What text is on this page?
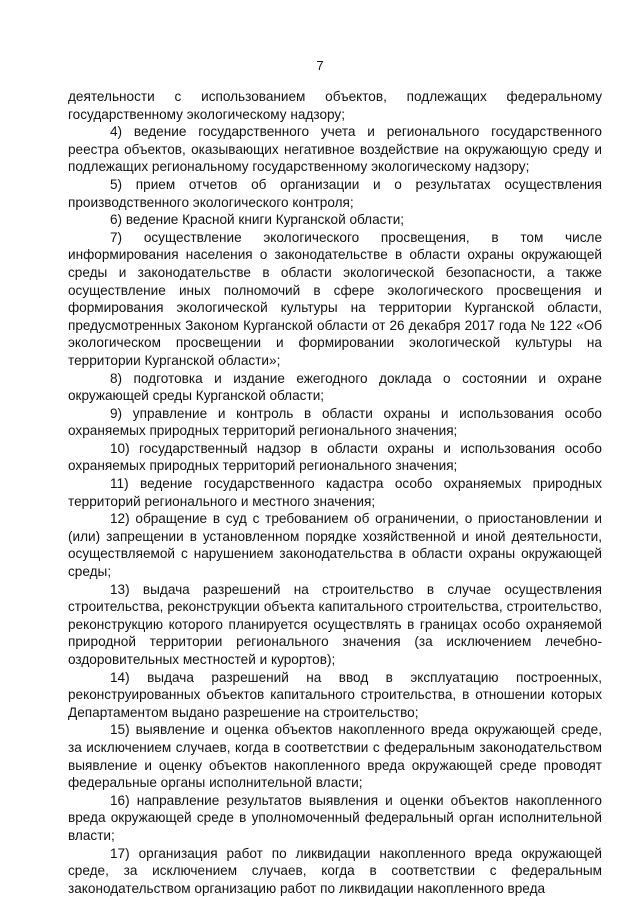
7

деятельности с использованием объектов, подлежащих федеральному государственному экологическому надзору;

4) ведение государственного учета и регионального государственного реестра объектов, оказывающих негативное воздействие на окружающую среду и подлежащих региональному государственному экологическому надзору;

5) прием отчетов об организации и о результатах осуществления производственного экологического контроля;

6) ведение Красной книги Курганской области;

7) осуществление экологического просвещения, в том числе информирования населения о законодательстве в области охраны окружающей среды и законодательстве в области экологической безопасности, а также осуществление иных полномочий в сфере экологического просвещения и формирования экологической культуры на территории Курганской области, предусмотренных Законом Курганской области от 26 декабря 2017 года № 122 «Об экологическом просвещении и формировании экологической культуры на территории Курганской области»;

8) подготовка и издание ежегодного доклада о состоянии и охране окружающей среды Курганской области;

9) управление и контроль в области охраны и использования особо охраняемых природных территорий регионального значения;

10) государственный надзор в области охраны и использования особо охраняемых природных территорий регионального значения;

11) ведение государственного кадастра особо охраняемых природных территорий регионального и местного значения;

12) обращение в суд с требованием об ограничении, о приостановлении и (или) запрещении в установленном порядке хозяйственной и иной деятельности, осуществляемой с нарушением законодательства в области охраны окружающей среды;

13) выдача разрешений на строительство в случае осуществления строительства, реконструкции объекта капитального строительства, строительство, реконструкцию которого планируется осуществлять в границах особо охраняемой природной территории регионального значения (за исключением лечебно-оздоровительных местностей и курортов);

14) выдача разрешений на ввод в эксплуатацию построенных, реконструированных объектов капитального строительства, в отношении которых Департаментом выдано разрешение на строительство;

15) выявление и оценка объектов накопленного вреда окружающей среде, за исключением случаев, когда в соответствии с федеральным законодательством выявление и оценку объектов накопленного вреда окружающей среде проводят федеральные органы исполнительной власти;

16) направление результатов выявления и оценки объектов накопленного вреда окружающей среде в уполномоченный федеральный орган исполнительной власти;

17) организация работ по ликвидации накопленного вреда окружающей среде, за исключением случаев, когда в соответствии с федеральным законодательством организацию работ по ликвидации накопленного вреда
